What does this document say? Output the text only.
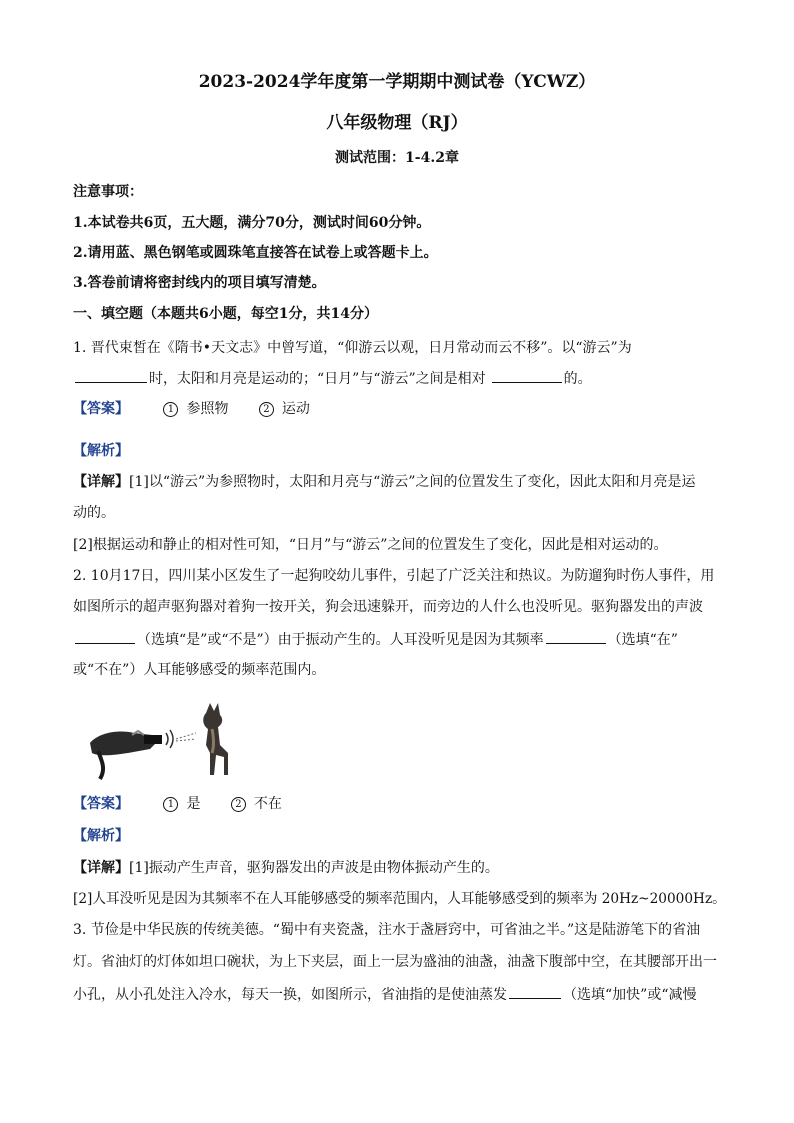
2023-2024学年度第一学期期中测试卷（YCWZ）
八年级物理（RJ）
测试范围：1-4.2章
注意事项：
1.本试卷共6页，五大题，满分70分，测试时间60分钟。
2.请用蓝、黑色钢笔或圆珠笔直接答在试卷上或答题卡上。
3.答卷前请将密封线内的项目填写清楚。
一、填空题（本题共6小题，每空1分，共14分）
1. 晋代束皙在《隋书•天文志》中曾写道，“仰游云以观，日月常动而云不移”。以“游云”为
时，太阳和月亮是运动的；“日月”与“游云”之间是相对	的。
【答案】	1 参照物	2 运动
【解析】
【详解】[1]以“游云”为参照物时，太阳和月亮与“游云”之间的位置发生了变化，因此太阳和月亮是运
动的。
[2]根据运动和静止的相对性可知，“日月”与“游云”之间的位置发生了变化，因此是相对运动的。
2. 10月17日，四川某小区发生了一起狗咬幼儿事件，引起了广泛关注和热议。为防遛狗时伤人事件，用
如图所示的超声驱狗器对着狗一按开关，狗会迅速躲开，而旁边的人什么也没听见。驱狗器发出的声波
（选填“是”或“不是”）由于振动产生的。人耳没听见是因为其频率	（选填“在”
或“不在”）人耳能够感受的频率范围内。
【答案】	1 是	2 不在
【解析】
【详解】[1]振动产生声音，驱狗器发出的声波是由物体振动产生的。
[2]人耳没听见是因为其频率不在人耳能够感受的频率范围内，人耳能够感受到的频率为 20Hz~20000Hz。
3. 节俭是中华民族的传统美德。“蜀中有夹瓷盏，注水于盏唇窍中，可省油之半。”这是陆游笔下的省油
灯。省油灯的灯体如坦口碗状，为上下夹层，面上一层为盛油的油盏，油盏下腹部中空，在其腰部开出一
小孔，从小孔处注入冷水，每天一换，如图所示，省油指的是使油蒸发	（选填“加快”或“减慢
